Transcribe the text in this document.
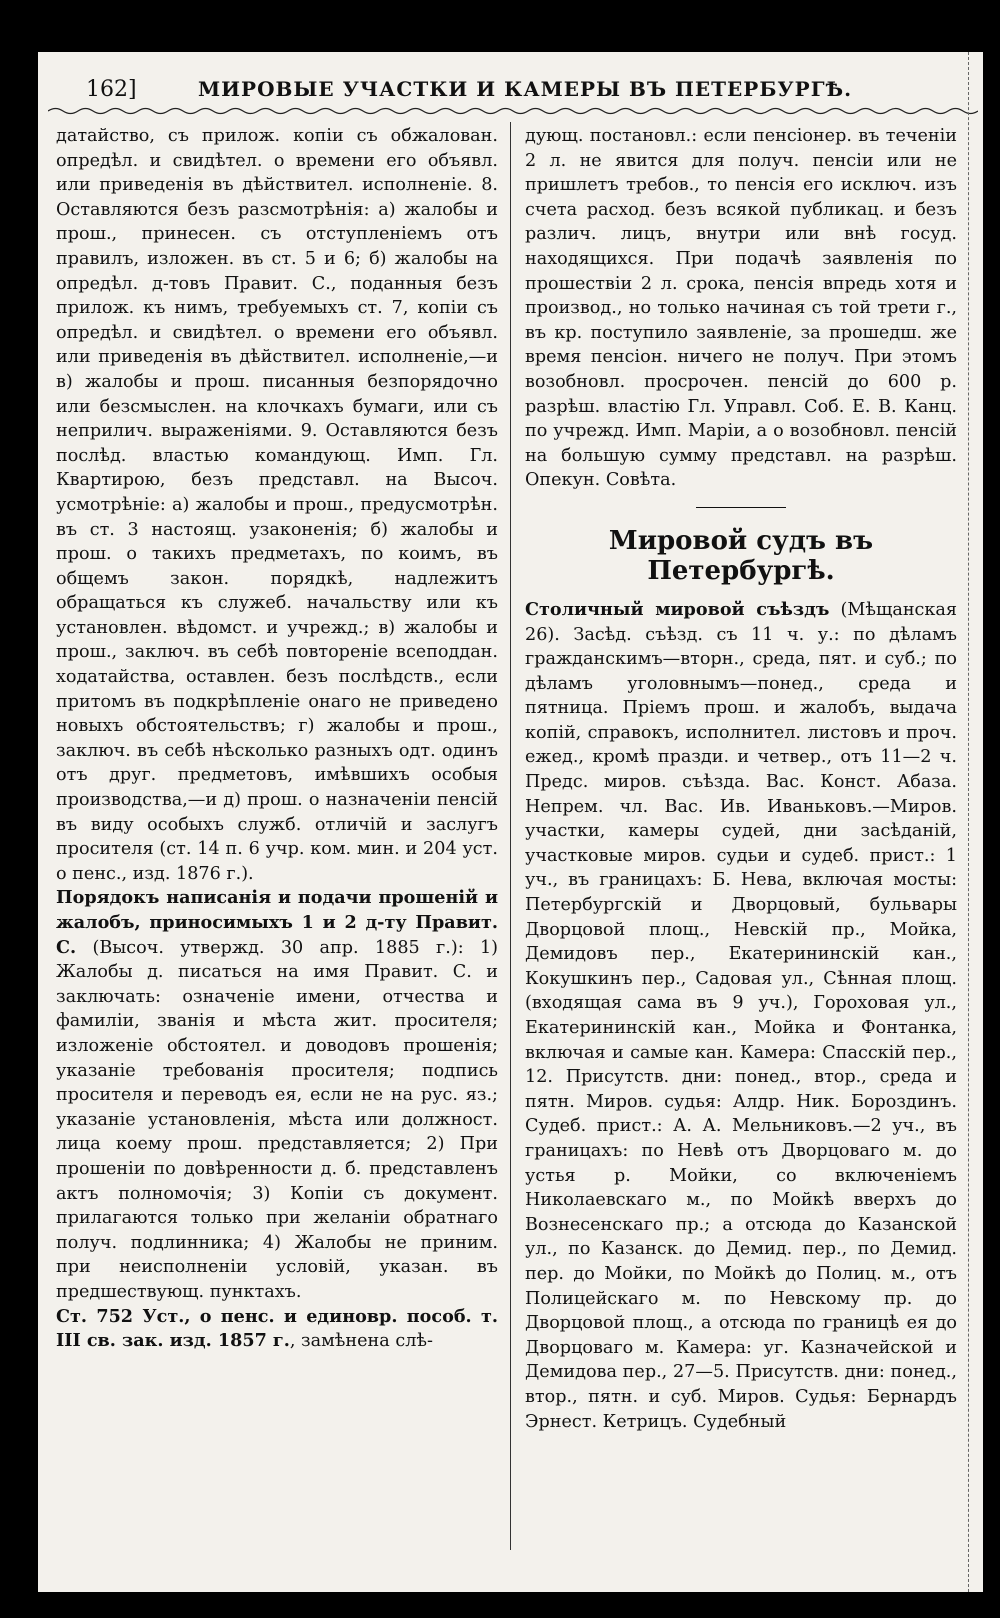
162]	МИРОВЫЕ УЧАСТКИ И КАМЕРЫ ВЪ ПЕТЕРБУРГѢ.

датайство, съ прилож. копіи съ обжалован. опредѣл. и свидѣтел. о времени его объявл. или приведенія въ дѣйствител. исполненіе. 8. Оставляются безъ разсмотрѣнія: а) жалобы и прош., принесен. съ отступленіемъ отъ правилъ, изложен. въ ст. 5 и 6; б) жалобы на опредѣл. д-товъ Правит. С., поданныя безъ прилож. къ нимъ, требуемыхъ ст. 7, копіи съ опредѣл. и свидѣтел. о времени его объявл. или приведенія въ дѣйствител. исполненіе,—и в) жалобы и прош. писанныя безпорядочно или безсмыслен. на клочкахъ бумаги, или съ неприлич. выраженіями. 9. Оставляются безъ послѣд. властью командующ. Имп. Гл. Квартирою, безъ представл. на Высоч. усмотрѣніе: а) жалобы и прош., предусмотрѣн. въ ст. 3 настоящ. узаконенія; б) жалобы и прош. о такихъ предметахъ, по коимъ, въ общемъ закон. порядкѣ, надлежитъ обращаться къ служеб. начальству или къ установлен. вѣдомст. и учрежд.; в) жалобы и прош., заключ. въ себѣ повтореніе всеподдан. ходатайства, оставлен. безъ послѣдств., если притомъ въ подкрѣпленіе онаго не приведено новыхъ обстоятельствъ; г) жалобы и прош., заключ. въ себѣ нѣсколько разныхъ одт. одинъ отъ друг. предметовъ, имѣвшихъ особыя производства,—и д) прош. о назначеніи пенсій въ виду особыхъ служб. отличій и заслугъ просителя (ст. 14 п. 6 учр. ком. мин. и 204 уст. о пенс., изд. 1876 г.).

Порядокъ написанія и подачи прошеній и жалобъ, приносимыхъ 1 и 2 д-ту Правит. С. (Высоч. утвержд. 30 апр. 1885 г.): 1) Жалобы д. писаться на имя Правит. С. и заключать: означеніе имени, отчества и фамиліи, званія и мѣста жит. просителя; изложеніе обстоятел. и доводовъ прошенія; указаніе требованія просителя; подпись просителя и переводъ ея, если не на рус. яз.; указаніе установленія, мѣста или должност. лица коему прош. представляется; 2) При прошеніи по довѣренности д. б. представленъ актъ полномочія; 3) Копіи съ документ. прилагаются только при желаніи обратнаго получ. подлинника; 4) Жалобы не приним. при неисполненіи условій, указан. въ предшествующ. пунктахъ.

Ст. 752 Уст., о пенс. и единовр. пособ. т. III св. зак. изд. 1857 г., замѣнена слѣ-

дующ. постановл.: если пенсіонер. въ теченіи 2 л. не явится для получ. пенсіи или не пришлетъ требов., то пенсія его исключ. изъ счета расход. безъ всякой публикац. и безъ различ. лицъ, внутри или внѣ госуд. находящихся. При подачѣ заявленія по прошествіи 2 л. срока, пенсія впредь хотя и производ., но только начиная съ той трети г., въ кр. поступило заявленіе, за прошедш. же время пенсіон. ничего не получ. При этомъ возобновл. просрочен. пенсій до 600 р. разрѣш. властію Гл. Управл. Соб. Е. В. Канц. по учрежд. Имп. Маріи, а о возобновл. пенсій на большую сумму представл. на разрѣш. Опекун. Совѣта.

Мировой судъ въ Петербургѣ.

Столичный мировой съѣздъ (Мѣщанская 26). Засѣд. съѣзд. съ 11 ч. у.: по дѣламъ гражданскимъ—вторн., среда, пят. и суб.; по дѣламъ уголовнымъ—понед., среда и пятница. Пріемъ прош. и жалобъ, выдача копій, справокъ, исполнител. листовъ и проч. ежед., кромѣ празди. и четвер., отъ 11—2 ч. Предс. миров. съѣзда. Вас. Конст. Абаза. Непрем. чл. Вас. Ив. Иваньковъ.—Миров. участки, камеры судей, дни засѣданій, участковые миров. судьи и судеб. прист.: 1 уч., въ границахъ: Б. Нева, включая мосты: Петербургскій и Дворцовый, бульвары Дворцовой площ., Невскій пр., Мойка, Демидовъ пер., Екатерининскій кан., Кокушкинъ пер., Садовая ул., Сѣнная площ. (входящая сама въ 9 уч.), Гороховая ул., Екатерининскій кан., Мойка и Фонтанка, включая и самые кан. Камера: Спасскій пер., 12. Присутств. дни: понед., втор., среда и пятн. Миров. судья: Алдр. Ник. Бороздинъ. Судеб. прист.: А. А. Мельниковъ.—2 уч., въ границахъ: по Невѣ отъ Дворцоваго м. до устья р. Мойки, со включеніемъ Николаевскаго м., по Мойкѣ вверхъ до Вознесенскаго пр.; а отсюда до Казанской ул., по Казанск. до Демид. пер., по Демид. пер. до Мойки, по Мойкѣ до Полиц. м., отъ Полицейскаго м. по Невскому пр. до Дворцовой площ., а отсюда по границѣ ея до Дворцоваго м. Камера: уг. Казначейской и Демидова пер., 27—5. Присутств. дни: понед., втор., пятн. и суб. Миров. Судья: Бернардъ Эрнест. Кетрицъ. Судебный
